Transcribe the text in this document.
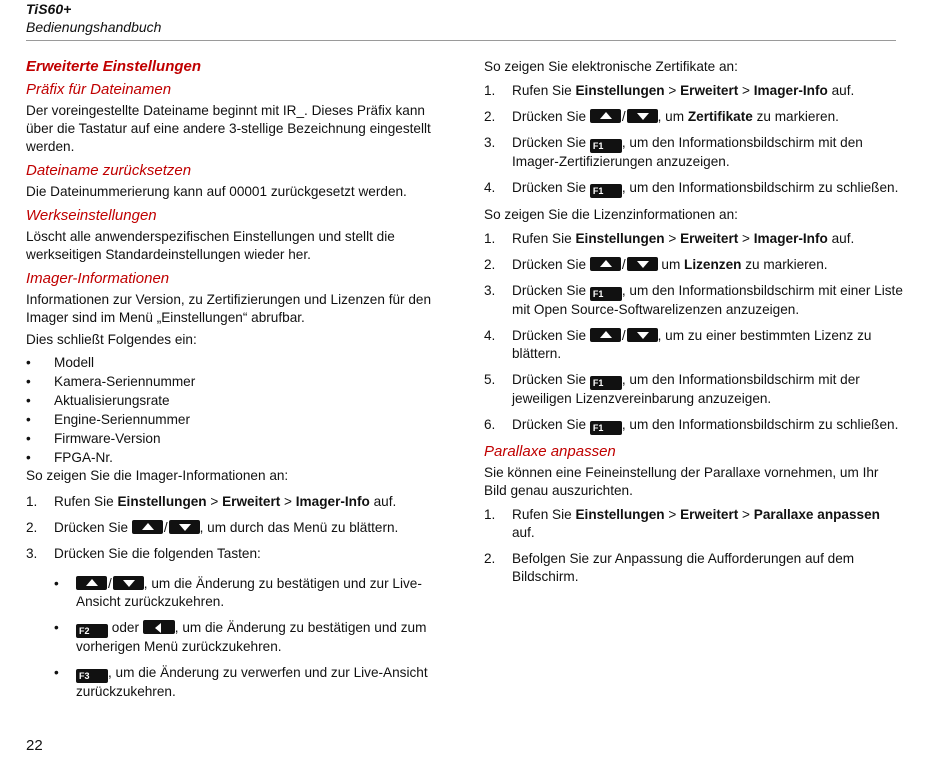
TiS60+
Bedienungshandbuch
Erweiterte Einstellungen
Präfix für Dateinamen
Der voreingestellte Dateiname beginnt mit IR_. Dieses Präfix kann über die Tastatur auf eine andere 3-stellige Bezeichnung eingestellt werden.
Dateiname zurücksetzen
Die Dateinummerierung kann auf 00001 zurückgesetzt werden.
Werkseinstellungen
Löscht alle anwenderspezifischen Einstellungen und stellt die werkseitigen Standardeinstellungen wieder her.
Imager-Informationen
Informationen zur Version, zu Zertifizierungen und Lizenzen für den Imager sind im Menü „Einstellungen“ abrufbar.
Dies schließt Folgendes ein:
• Modell
• Kamera-Seriennummer
• Aktualisierungsrate
• Engine-Seriennummer
• Firmware-Version
• FPGA-Nr.
So zeigen Sie die Imager-Informationen an:
1. Rufen Sie Einstellungen > Erweitert > Imager-Info auf.
2. Drücken Sie / , um durch das Menü zu blättern.
3. Drücken Sie die folgenden Tasten:
•	/ , um die Änderung zu bestätigen und zur Live-Ansicht zurückzukehren.
• F2 oder , um die Änderung zu bestätigen und zum vorherigen Menü zurückzukehren.
• F3 , um die Änderung zu verwerfen und zur Live-Ansicht zurückzukehren.
So zeigen Sie elektronische Zertifikate an:
1. Rufen Sie Einstellungen > Erweitert > Imager-Info auf.
2. Drücken Sie / , um Zertifikate zu markieren.
3. Drücken Sie F1 , um den Informationsbildschirm mit den Imager-Zertifizierungen anzuzeigen.
4. Drücken Sie F1 , um den Informationsbildschirm zu schließen.
So zeigen Sie die Lizenzinformationen an:
1. Rufen Sie Einstellungen > Erweitert > Imager-Info auf.
2. Drücken Sie / um Lizenzen zu markieren.
3. Drücken Sie F1 , um den Informationsbildschirm mit einer Liste mit Open Source-Softwarelizenzen anzuzeigen.
4. Drücken Sie / , um zu einer bestimmten Lizenz zu blättern.
5. Drücken Sie F1 , um den Informationsbildschirm mit der jeweiligen Lizenzvereinbarung anzuzeigen.
6. Drücken Sie F1 , um den Informationsbildschirm zu schließen.
Parallaxe anpassen
Sie können eine Feineinstellung der Parallaxe vornehmen, um Ihr Bild genau auszurichten.
1. Rufen Sie Einstellungen > Erweitert > Parallaxe anpassen auf.
2. Befolgen Sie zur Anpassung die Aufforderungen auf dem Bildschirm.
22
